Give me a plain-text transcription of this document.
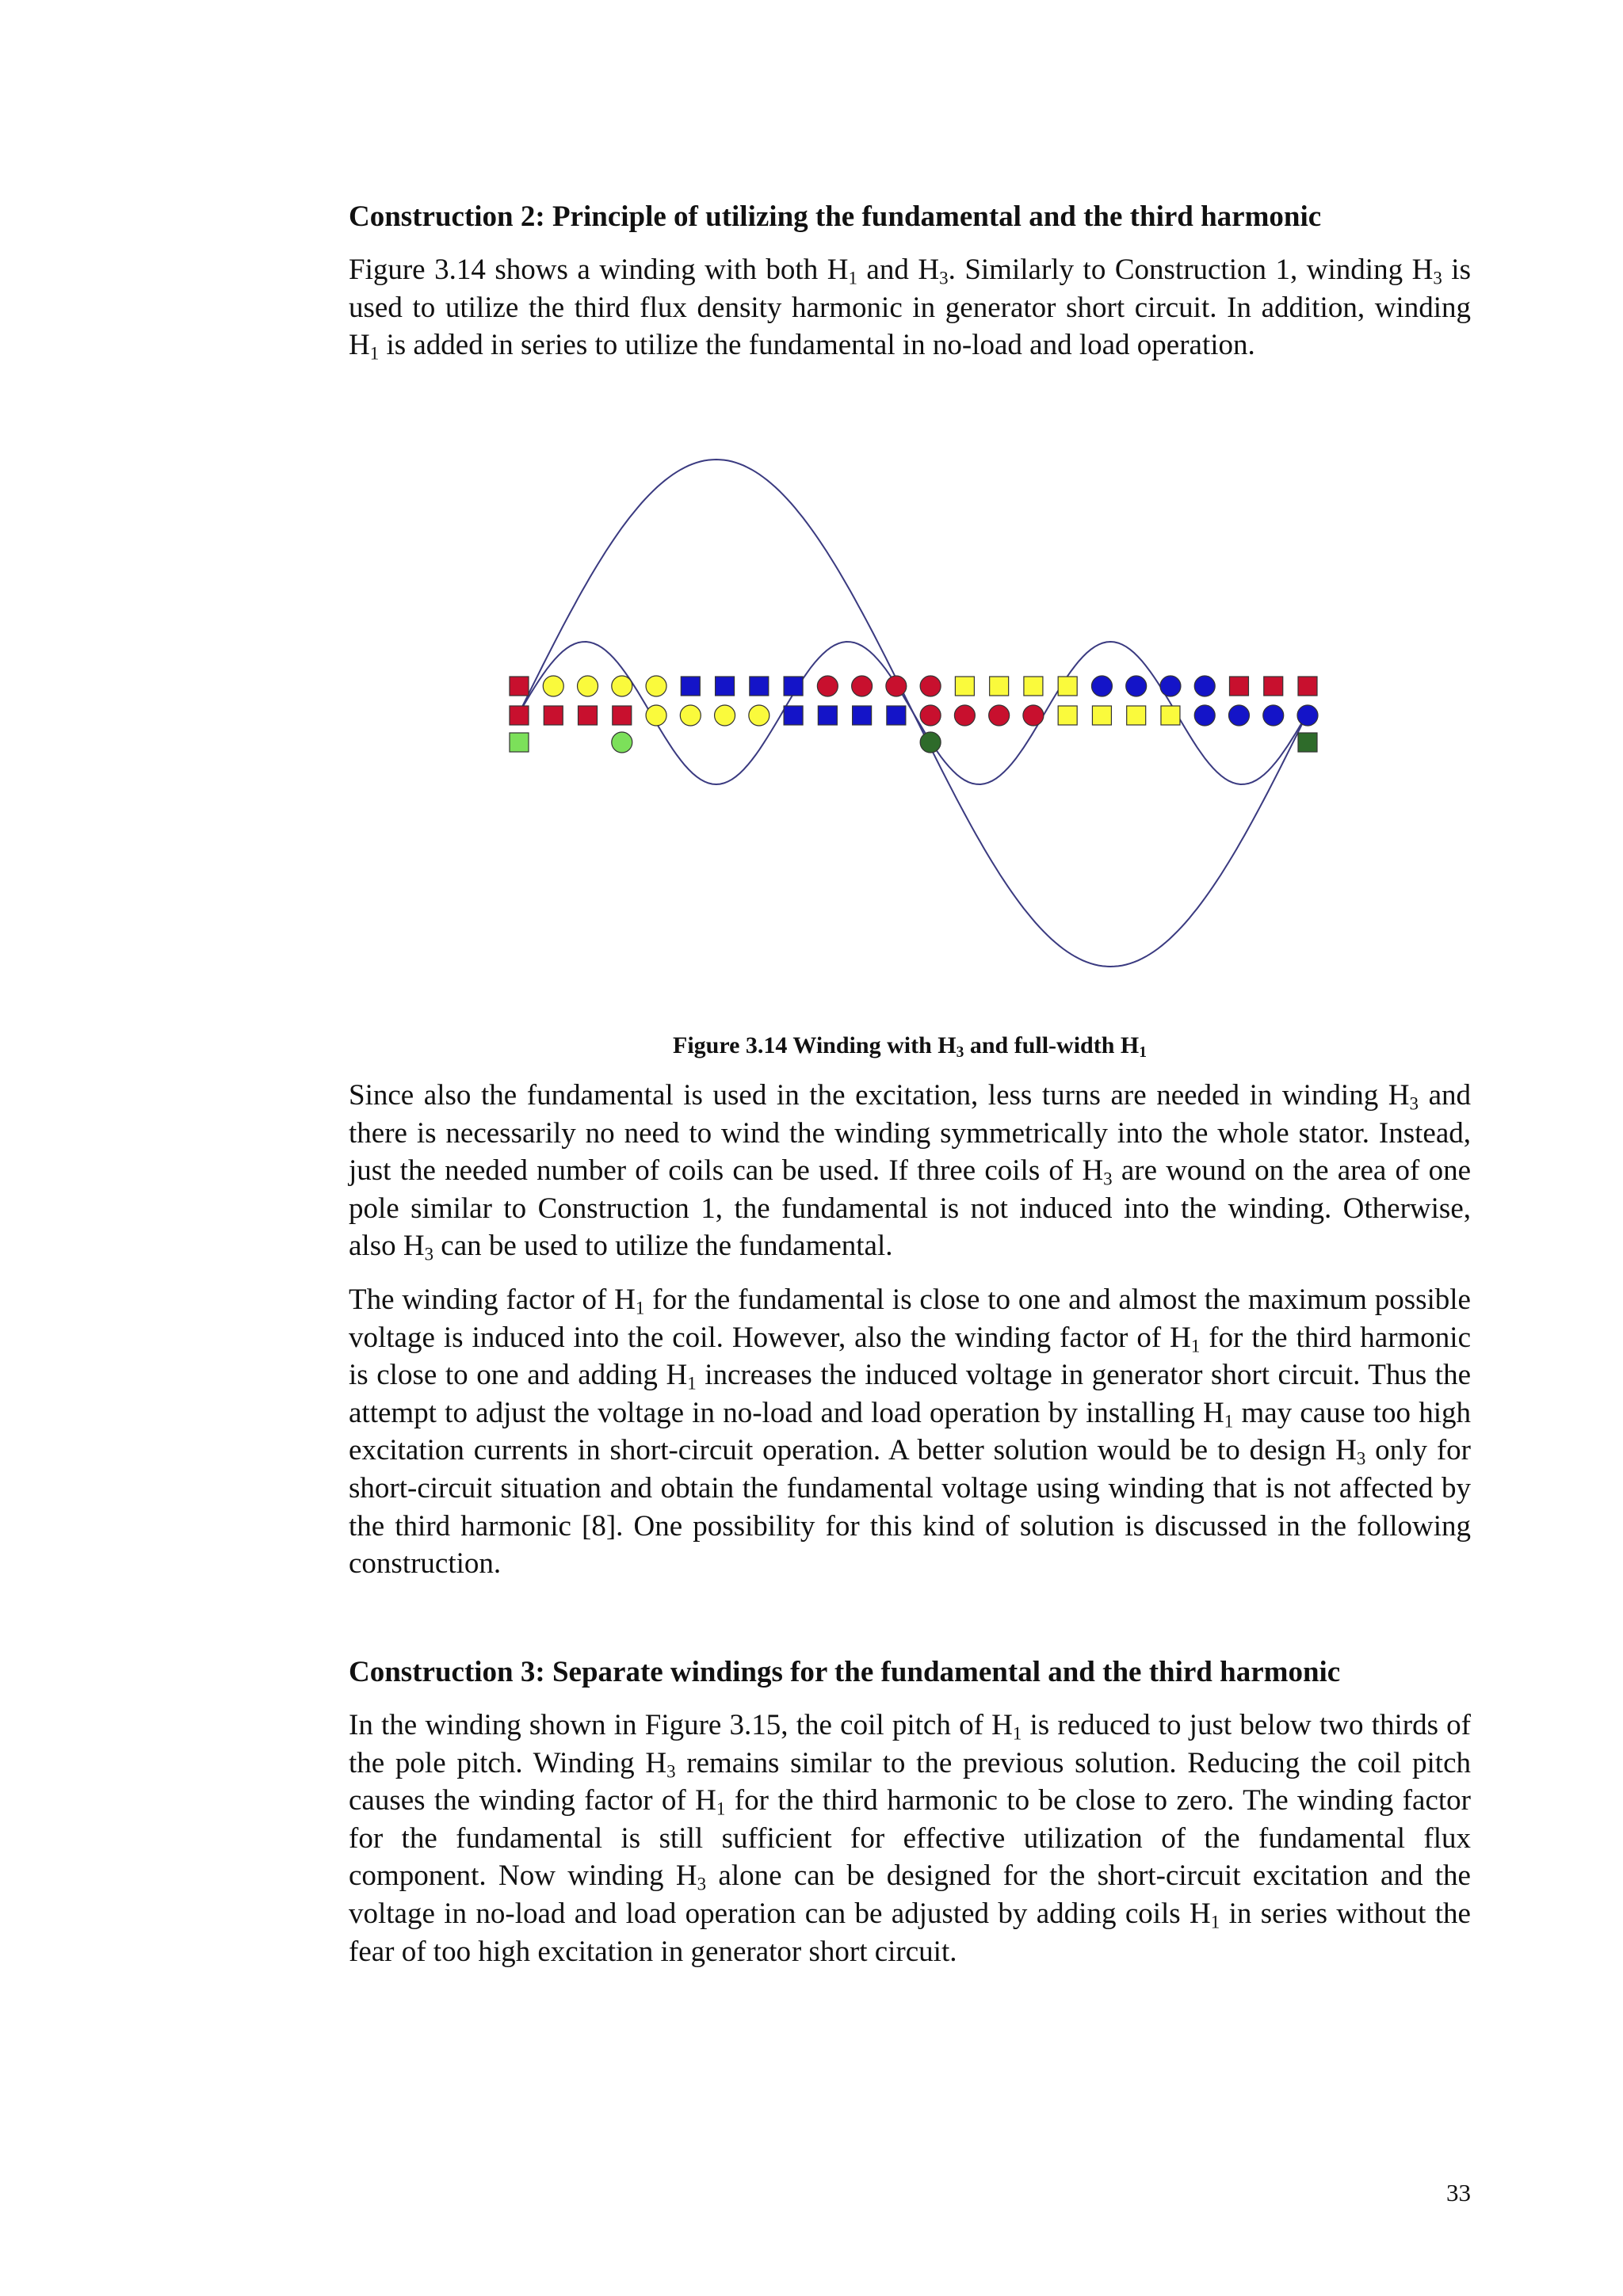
Construction 2: Principle of utilizing the fundamental and the third harmonic

Figure 3.14 shows a winding with both $H_1$ and $H_3$. Similarly to Construction 1, winding $H_3$ is used to utilize the third flux density harmonic in generator short circuit. In addition, winding $H_1$ is added in series to utilize the fundamental in no-load and load operation.

Figure 3.14 Winding with $H_3$ and full-width $H_1$

Since also the fundamental is used in the excitation, less turns are needed in winding $H_3$ and there is necessarily no need to wind the winding symmetrically into the whole stator. Instead, just the needed number of coils can be used. If three coils of $H_3$ are wound on the area of one pole similar to Construction 1, the fundamental is not induced into the winding. Otherwise, also $H_3$ can be used to utilize the fundamental.

The winding factor of $H_1$ for the fundamental is close to one and almost the maximum possible voltage is induced into the coil. However, also the winding factor of $H_1$ for the third harmonic is close to one and adding $H_1$ increases the induced voltage in generator short circuit. Thus the attempt to adjust the voltage in no-load and load operation by installing $H_1$ may cause too high excitation currents in short-circuit operation. A better solution would be to design $H_3$ only for short-circuit situation and obtain the fundamental voltage using winding that is not affected by the third harmonic [8]. One possibility for this kind of solution is discussed in the following construction.

Construction 3: Separate windings for the fundamental and the third harmonic

In the winding shown in Figure 3.15, the coil pitch of $H_1$ is reduced to just below two thirds of the pole pitch. Winding $H_3$ remains similar to the previous solution. Reducing the coil pitch causes the winding factor of $H_1$ for the third harmonic to be close to zero. The winding factor for the fundamental is still sufficient for effective utilization of the fundamental flux component. Now winding $H_3$ alone can be designed for the short-circuit excitation and the voltage in no-load and load operation can be adjusted by adding coils $H_1$ in series without the fear of too high excitation in generator short circuit.

33
